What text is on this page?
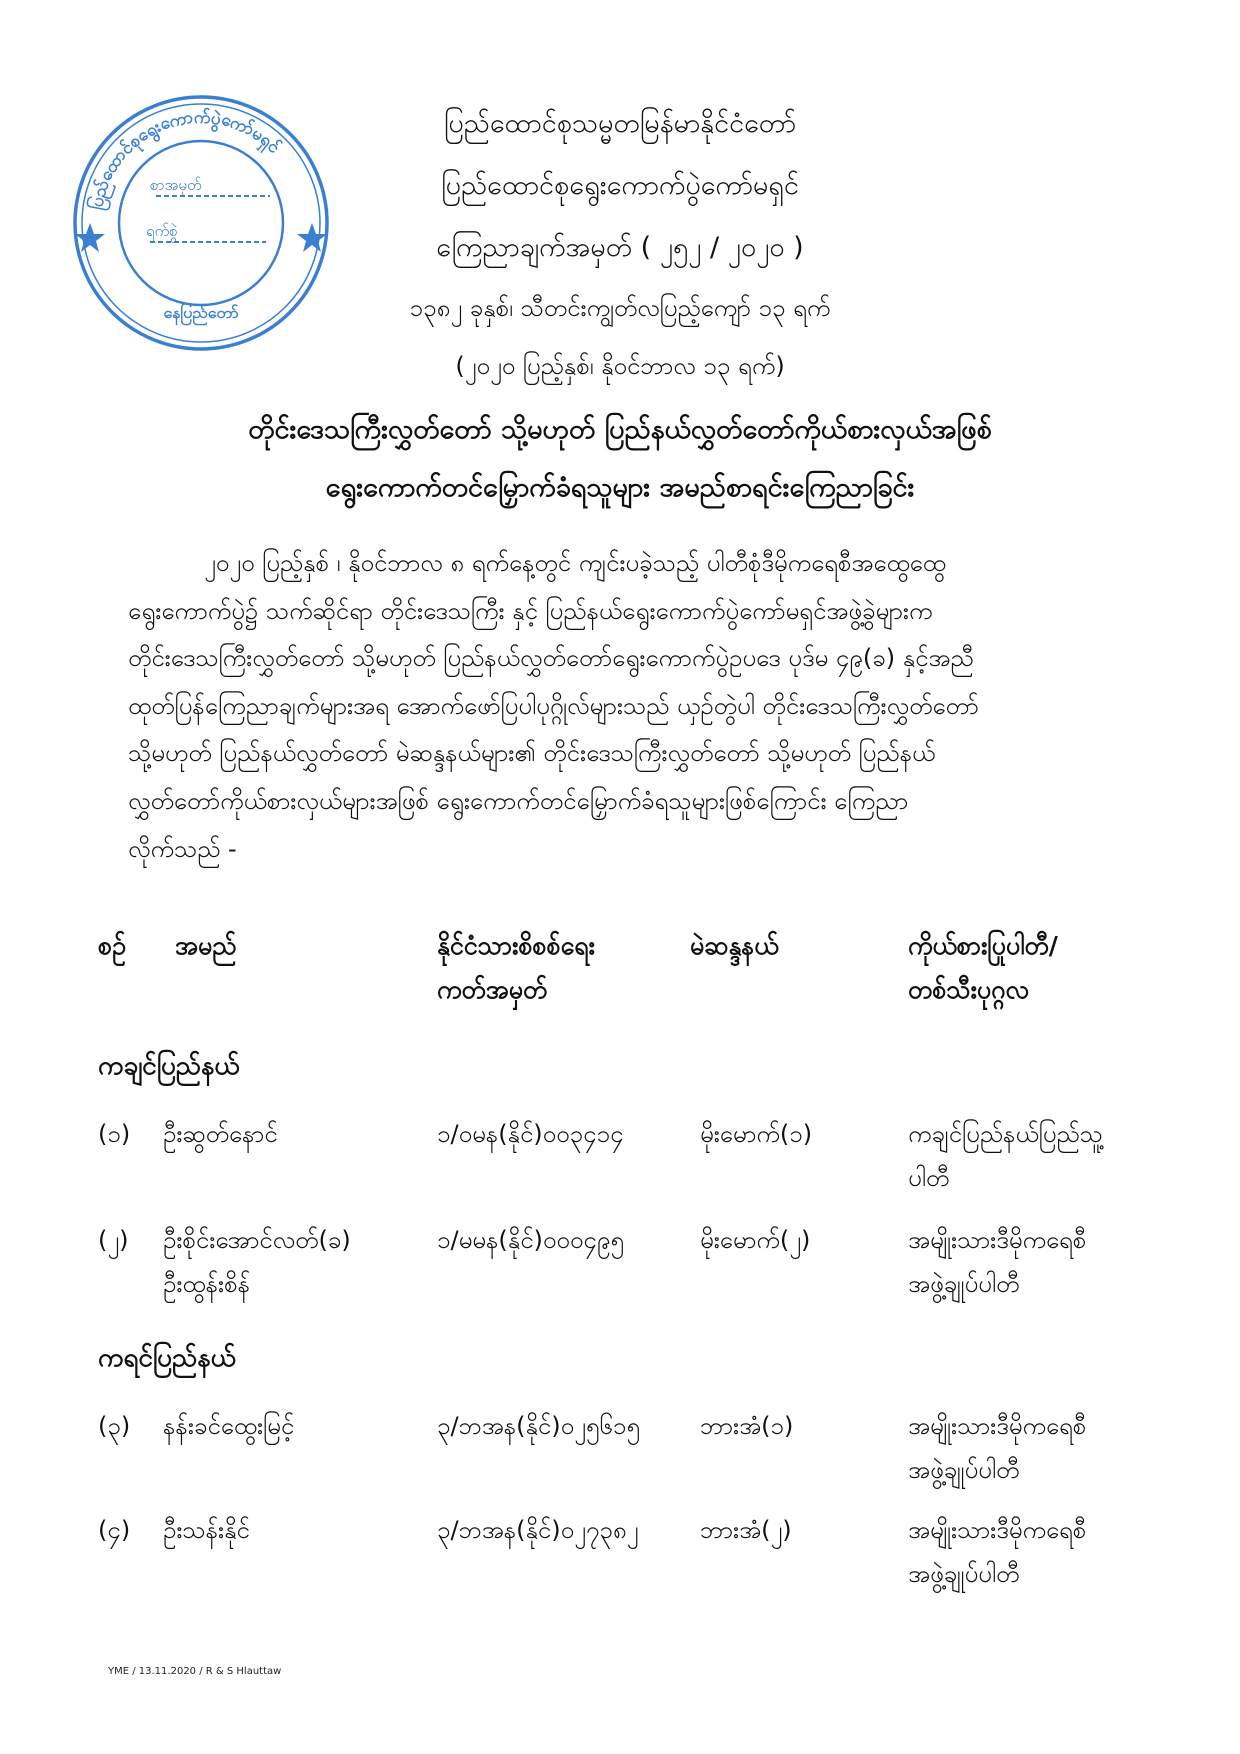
ပြည်ထောင်စုရွေးကောက်ပွဲကော်မရှင်
စာအမှတ်
ရက်စွဲ
နေပြည်တော်
ပြည်ထောင်စုသမ္မတမြန်မာနိုင်ငံတော်
ပြည်ထောင်စုရွေးကောက်ပွဲကော်မရှင်
ကြေညာချက်အမှတ် ( ၂၅၂ / ၂၀၂၀ )
၁၃၈၂ ခုနှစ်၊ သီတင်းကျွတ်လပြည့်ကျော် ၁၃ ရက်
(၂၀၂၀ ပြည့်နှစ်၊ နိုဝင်ဘာလ ၁၃ ရက်)
တိုင်းဒေသကြီးလွှတ်တော် သို့မဟုတ် ပြည်နယ်လွှတ်တော်ကိုယ်စားလှယ်အဖြစ်
ရွေးကောက်တင်မြှောက်ခံရသူများ အမည်စာရင်းကြေညာခြင်း
၂၀၂၀ ပြည့်နှစ် ၊ နိုဝင်ဘာလ ၈ ရက်နေ့တွင် ကျင်းပခဲ့သည့် ပါတီစုံဒီမိုကရေစီအထွေထွေ
ရွေးကောက်ပွဲ၌ သက်ဆိုင်ရာ တိုင်းဒေသကြီး နှင့် ပြည်နယ်ရွေးကောက်ပွဲကော်မရှင်အဖွဲ့ခွဲများက
တိုင်းဒေသကြီးလွှတ်တော် သို့မဟုတ် ပြည်နယ်လွှတ်တော်ရွေးကောက်ပွဲဥပဒေ ပုဒ်မ ၄၉(ခ) နှင့်အညီ
ထုတ်ပြန်ကြေညာချက်များအရ အောက်ဖော်ပြပါပုဂ္ဂိုလ်များသည် ယှဉ်တွဲပါ တိုင်းဒေသကြီးလွှတ်တော်
သို့မဟုတ် ပြည်နယ်လွှတ်တော် မဲဆန္ဒနယ်များ၏ တိုင်းဒေသကြီးလွှတ်တော် သို့မဟုတ် ပြည်နယ်
လွှတ်တော်ကိုယ်စားလှယ်များအဖြစ် ရွေးကောက်တင်မြှောက်ခံရသူများဖြစ်ကြောင်း ကြေညာ
လိုက်သည် -
စဉ် အမည်	နိုင်ငံသားစိစစ်ရေး
ကတ်အမှတ်
မဲဆန္ဒနယ်	ကိုယ်စားပြုပါတီ/
တစ်သီးပုဂ္ဂလ
ကချင်ပြည်နယ်
(၁) ဦးဆွတ်နောင်	၁/ဝမန(နိုင်)၀၀၃၄၁၄	မိုးမောက်(၁)	ကချင်ပြည်နယ်ပြည်သူ့
ပါတီ
(၂) ဦးစိုင်းအောင်လတ်(ခ)
ဦးထွန်းစိန်
၁/မမန(နိုင်)၀၀၀၄၉၅	မိုးမောက်(၂)	အမျိုးသားဒီမိုကရေစီ
အဖွဲ့ချုပ်ပါတီ
ကရင်ပြည်နယ်
(၃) နန်းခင်ထွေးမြင့်	၃/ဘအန(နိုင်)၀၂၅၆၁၅	ဘားအံ(၁)	အမျိုးသားဒီမိုကရေစီ
အဖွဲ့ချုပ်ပါတီ
(၄) ဦးသန်းနိုင်	၃/ဘအန(နိုင်)၀၂၇၃၈၂	ဘားအံ(၂)	အမျိုးသားဒီမိုကရေစီ
အဖွဲ့ချုပ်ပါတီ
YME / 13.11.2020 / R & S Hlauttaw
